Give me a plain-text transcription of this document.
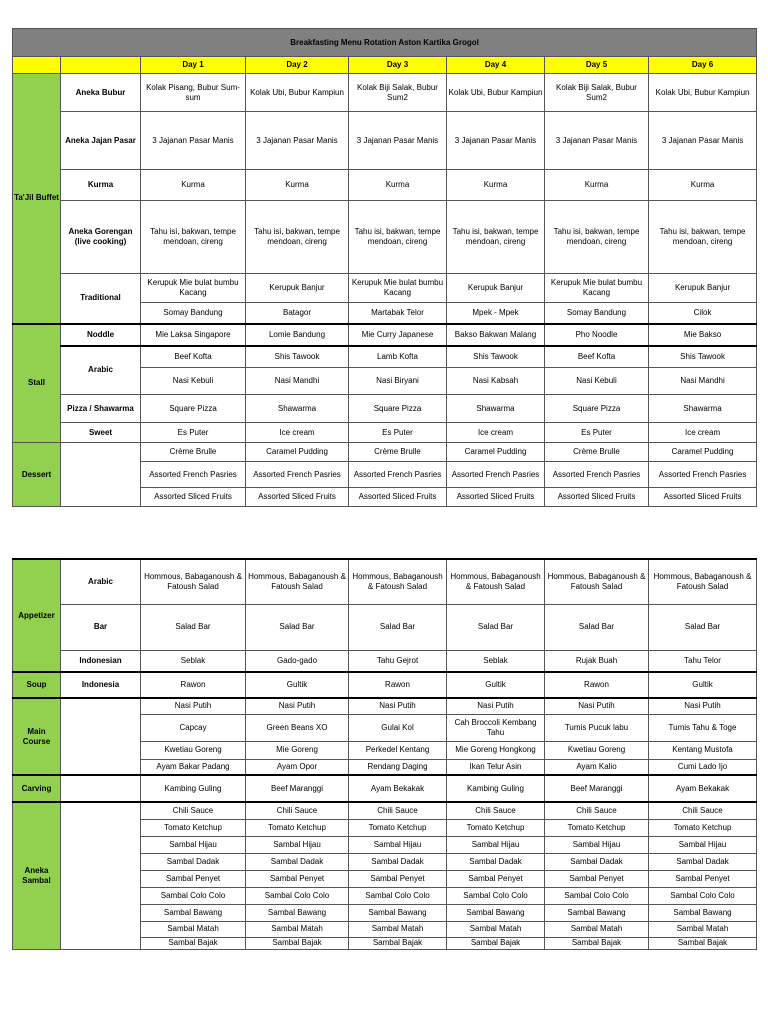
Breakfasting Menu Rotation Aston Kartika Grogol							
		Day 1	Day 2	Day 3	Day 4	Day 5	Day 6
Ta'Jil Buffet	Aneka Bubur	Kolak Pisang, Bubur Sum-sum	Kolak Ubi, Bubur Kampiun	Kolak Biji Salak, Bubur Sum2	Kolak Ubi, Bubur Kampiun	Kolak Biji Salak, Bubur Sum2	Kolak Ubi, Bubur Kampiun
	Aneka Jajan Pasar	3 Jajanan Pasar Manis	3 Jajanan Pasar Manis	3 Jajanan Pasar Manis	3 Jajanan Pasar Manis	3 Jajanan Pasar Manis	3 Jajanan Pasar Manis
	Kurma	Kurma	Kurma	Kurma	Kurma	Kurma	Kurma
	Aneka Gorengan (live cooking)	Tahu isi, bakwan, tempe mendoan, cireng	Tahu isi, bakwan, tempe mendoan, cireng	Tahu isi, bakwan, tempe mendoan, cireng	Tahu isi, bakwan, tempe mendoan, cireng	Tahu isi, bakwan, tempe mendoan, cireng	Tahu isi, bakwan, tempe mendoan, cireng
	Traditional	Kerupuk Mie bulat bumbu Kacang	Kerupuk Banjur	Kerupuk Mie bulat bumbu Kacang	Kerupuk Banjur	Kerupuk Mie bulat bumbu Kacang	Kerupuk Banjur
		Somay Bandung	Batagor	Martabak Telor	Mpek - Mpek	Somay Bandung	Cilok
Stall	Noddle	Mie Laksa Singapore	Lomie Bandung	Mie Curry Japanese	Bakso Bakwan Malang	Pho Noodle	Mie Bakso
	Arabic	Beef Kofta	Shis Tawook	Lamb Kofta	Shis Tawook	Beef Kofta	Shis Tawook
		Nasi Kebuli	Nasi Mandhi	Nasi Biryani	Nasi Kabsah	Nasi Kebuli	Nasi Mandhi
	Pizza / Shawarma	Square Pizza	Shawarma	Square Pizza	Shawarma	Square Pizza	Shawarma
	Sweet	Es Puter	Ice cream	Es Puter	Ice cream	Es Puter	Ice cream
Dessert		Crème Brulle	Caramel Pudding	Crème Brulle	Caramel Pudding	Crème Brulle	Caramel Pudding
		Assorted French Pasries	Assorted French Pasries	Assorted French Pasries	Assorted French Pasries	Assorted French Pasries	Assorted French Pasries
		Assorted Sliced Fruits	Assorted Sliced Fruits	Assorted Sliced Fruits	Assorted Sliced Fruits	Assorted Sliced Fruits	Assorted Sliced Fruits
Appetizer	Arabic	Hommous, Babaganoush & Fatoush Salad	Hommous, Babaganoush & Fatoush Salad	Hommous, Babaganoush & Fatoush Salad	Hommous, Babaganoush & Fatoush Salad	Hommous, Babaganoush & Fatoush Salad	Hommous, Babaganoush & Fatoush Salad
	Bar	Salad Bar	Salad Bar	Salad Bar	Salad Bar	Salad Bar	Salad Bar
	Indonesian	Seblak	Gado-gado	Tahu Gejrot	Seblak	Rujak Buah	Tahu Telor
Soup	Indonesia	Rawon	Gultik	Rawon	Gultik	Rawon	Gultik
Main Course		Nasi Putih	Nasi Putih	Nasi Putih	Nasi Putih	Nasi Putih	Nasi Putih
		Capcay	Green Beans XO	Gulai Kol	Cah Broccoli Kembang Tahu	Tumis Pucuk labu	Tumis Tahu & Toge
		Kwetiau Goreng	Mie Goreng	Perkedel Kentang	Mie Goreng Hongkong	Kwetiau Goreng	Kentang Mustofa
		Ayam Bakar Padang	Ayam Opor	Rendang Daging	Ikan Telur Asin	Ayam Kalio	Cumi Lado Ijo
Carving		Kambing Guling	Beef Maranggi	Ayam Bekakak	Kambing Guling	Beef Maranggi	Ayam Bekakak
Aneka Sambal		Chili Sauce	Chili Sauce	Chili Sauce	Chili Sauce	Chili Sauce	Chili Sauce
		Tomato Ketchup	Tomato Ketchup	Tomato Ketchup	Tomato Ketchup	Tomato Ketchup	Tomato Ketchup
		Sambal Hijau	Sambal Hijau	Sambal Hijau	Sambal Hijau	Sambal Hijau	Sambal Hijau
		Sambal Dadak	Sambal Dadak	Sambal Dadak	Sambal Dadak	Sambal Dadak	Sambal Dadak
		Sambal Penyet	Sambal Penyet	Sambal Penyet	Sambal Penyet	Sambal Penyet	Sambal Penyet
		Sambal Colo Colo	Sambal Colo Colo	Sambal Colo Colo	Sambal Colo Colo	Sambal Colo Colo	Sambal Colo Colo
		Sambal Bawang	Sambal Bawang	Sambal Bawang	Sambal Bawang	Sambal Bawang	Sambal Bawang
		Sambal Matah	Sambal Matah	Sambal Matah	Sambal Matah	Sambal Matah	Sambal Matah
		Sambal Bajak	Sambal Bajak	Sambal Bajak	Sambal Bajak	Sambal Bajak	Sambal Bajak
